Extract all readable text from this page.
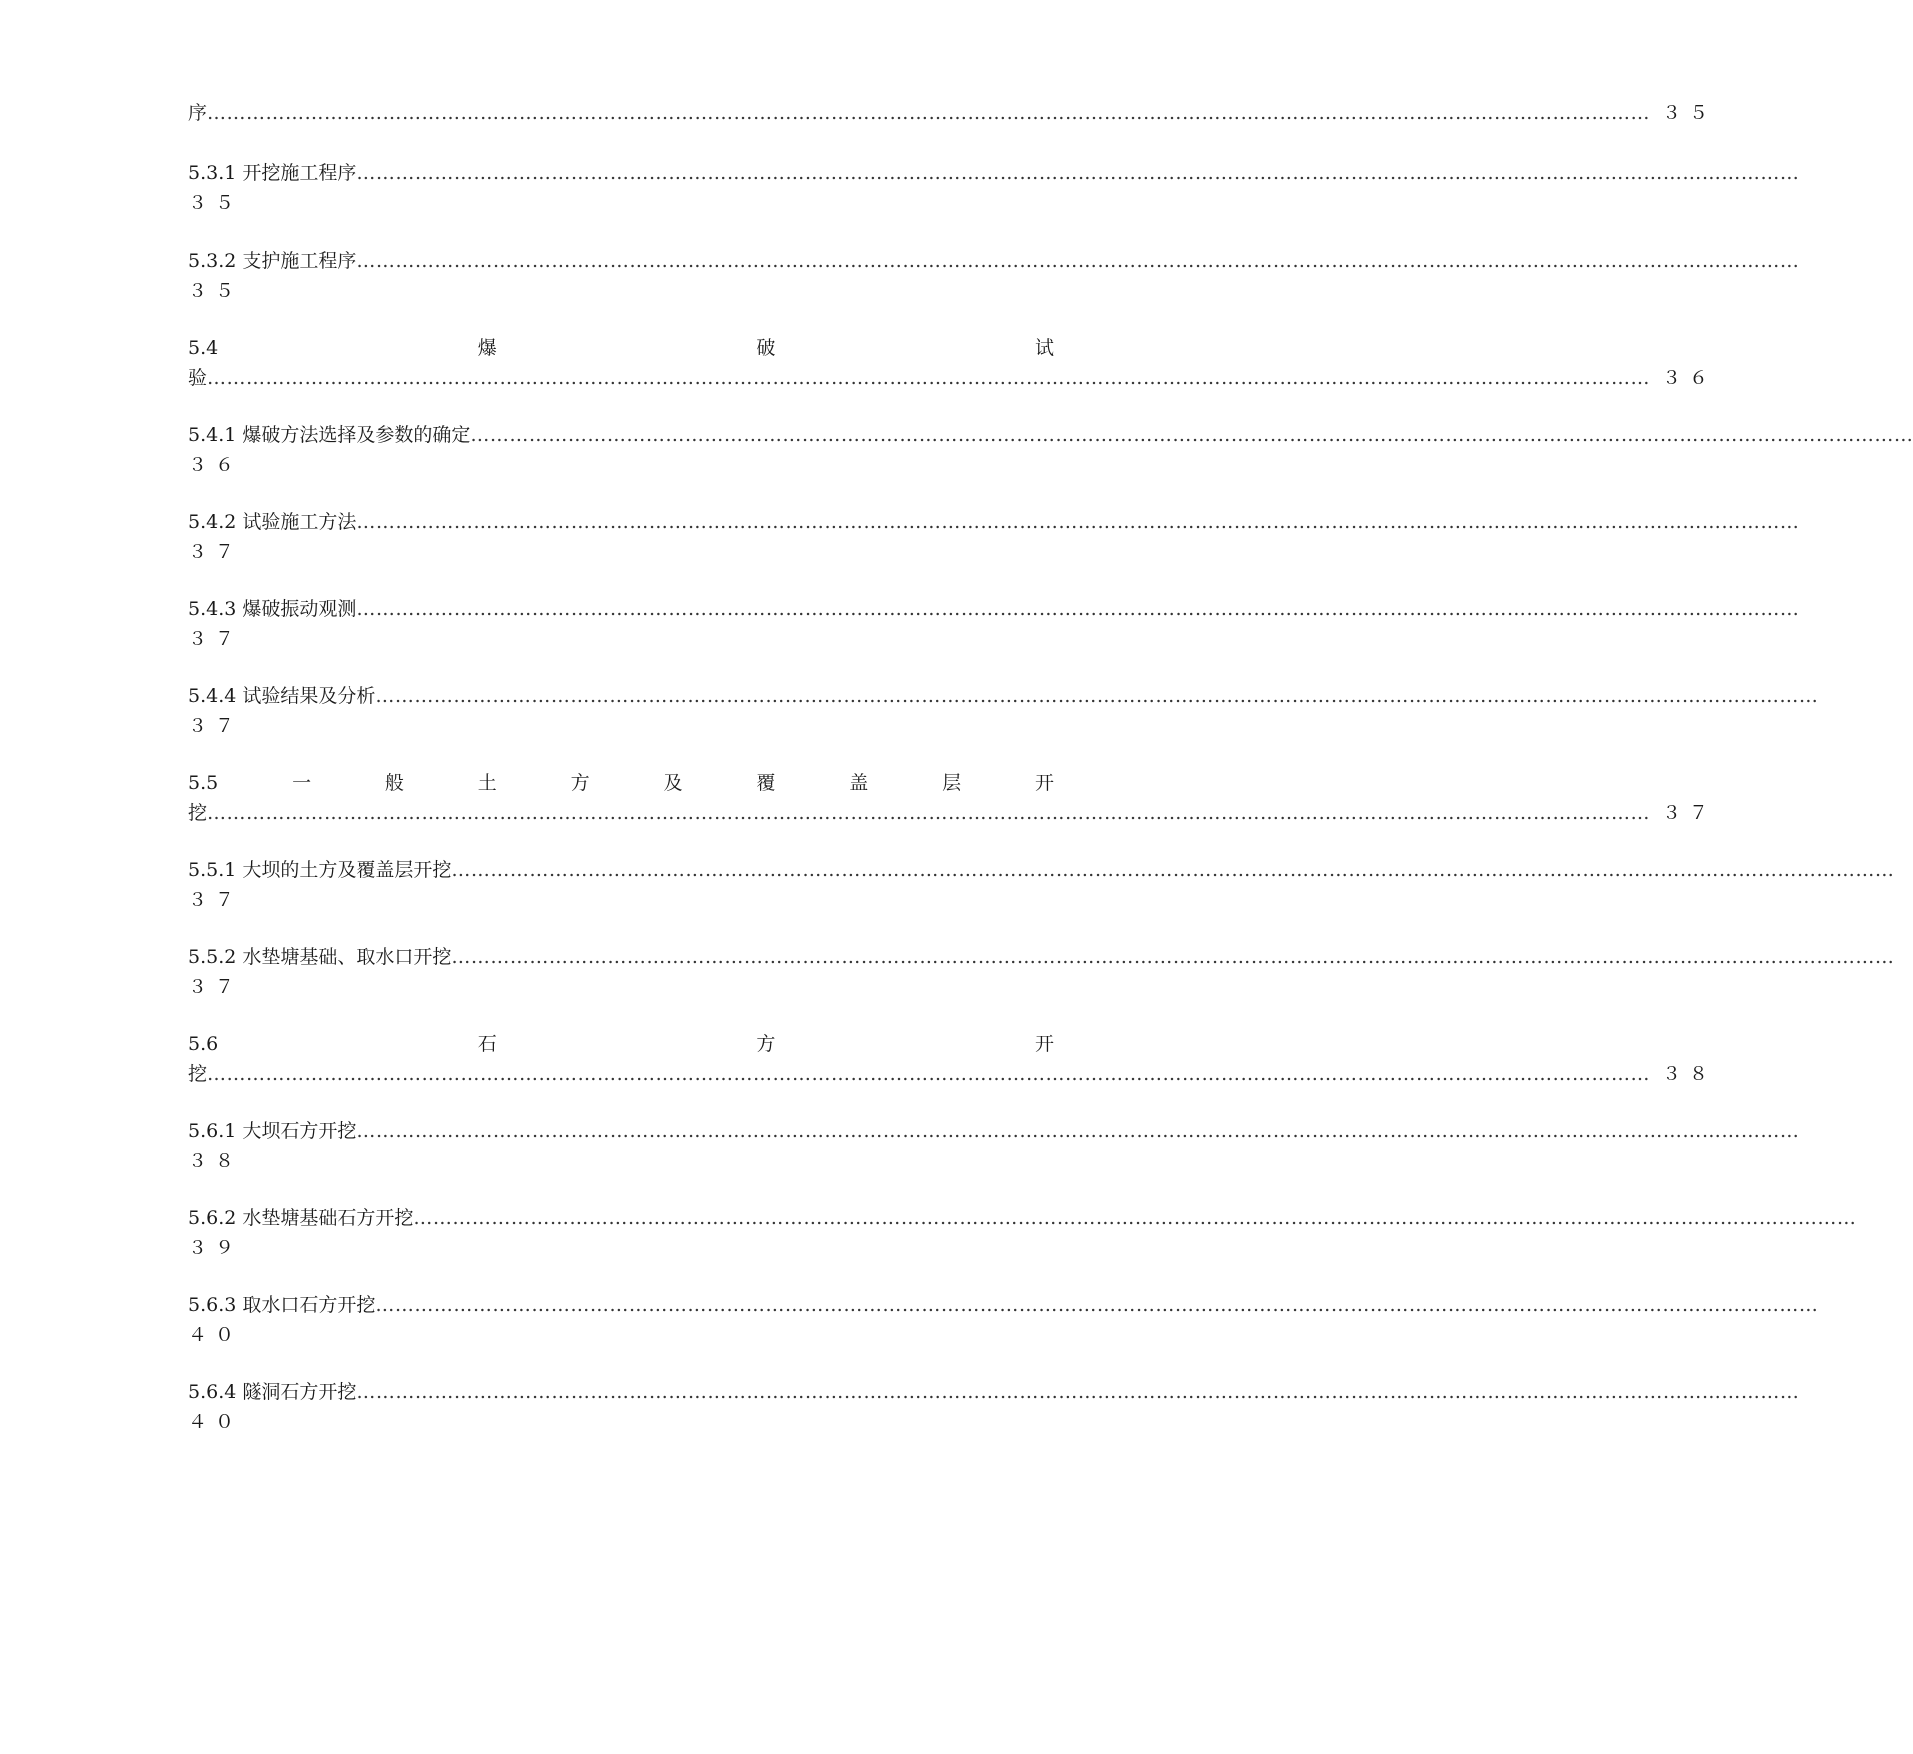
序 …………………………………………………………………………………………………………………………………………………………………………………………………… ３５
5.3.1 开挖施工程序 ……………………………………………………………………………………………………………………………………………………………………………………………………
３５
5.3.2 支护施工程序 ……………………………………………………………………………………………………………………………………………………………………………………………………
３５
5.4	爆	破	试
验 …………………………………………………………………………………………………………………………………………………………………………………………………… ３６
5.4.1 爆破方法选择及参数的确定 ……………………………………………………………………………………………………………………………………………………………………………………………………
３６
5.4.2 试验施工方法 ……………………………………………………………………………………………………………………………………………………………………………………………………
３７
5.4.3 爆破振动观测 ……………………………………………………………………………………………………………………………………………………………………………………………………
３７
5.4.4 试验结果及分析 ……………………………………………………………………………………………………………………………………………………………………………………………………
３７
5.5	一	般	土	方	及	覆	盖	层	开
挖 …………………………………………………………………………………………………………………………………………………………………………………………………… ３７
5.5.1 大坝的土方及覆盖层开挖 ……………………………………………………………………………………………………………………………………………………………………………………………………
３７
5.5.2 水垫塘基础、取水口开挖 ……………………………………………………………………………………………………………………………………………………………………………………………………
３７
5.6	石	方	开
挖 …………………………………………………………………………………………………………………………………………………………………………………………………… ３８
5.6.1 大坝石方开挖 ……………………………………………………………………………………………………………………………………………………………………………………………………
３８
5.6.2 水垫塘基础石方开挖 ……………………………………………………………………………………………………………………………………………………………………………………………………
３９
5.6.3 取水口石方开挖 ……………………………………………………………………………………………………………………………………………………………………………………………………
４０
5.6.4 隧洞石方开挖 ……………………………………………………………………………………………………………………………………………………………………………………………………
４０
